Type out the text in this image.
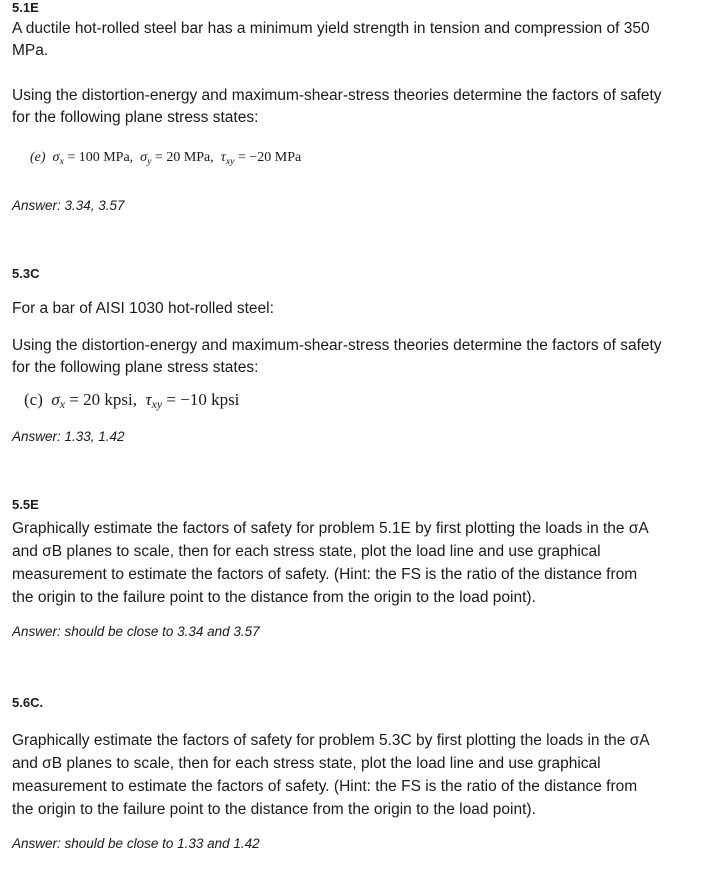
5.1E
A ductile hot-rolled steel bar has a minimum yield strength in tension and compression of 350
MPa.
Using the distortion-energy and maximum-shear-stress theories determine the factors of safety
for the following plane stress states:
(e) $\sigma_x = 100$ MPa, $\sigma_y = 20$ MPa, $\tau_{xy} = -20$ MPa
Answer: 3.34, 3.57
5.3C
For a bar of AISI 1030 hot-rolled steel:
Using the distortion-energy and maximum-shear-stress theories determine the factors of safety
for the following plane stress states:
(c) $\sigma_x = 20$ kpsi, $\tau_{xy} = -10$ kpsi
Answer: 1.33, 1.42
5.5E
Graphically estimate the factors of safety for problem 5.1E by first plotting the loads in the σA
and σB planes to scale, then for each stress state, plot the load line and use graphical
measurement to estimate the factors of safety. (Hint: the FS is the ratio of the distance from
the origin to the failure point to the distance from the origin to the load point).
Answer: should be close to 3.34 and 3.57
5.6C.
Graphically estimate the factors of safety for problem 5.3C by first plotting the loads in the σA
and σB planes to scale, then for each stress state, plot the load line and use graphical
measurement to estimate the factors of safety. (Hint: the FS is the ratio of the distance from
the origin to the failure point to the distance from the origin to the load point).
Answer: should be close to 1.33 and 1.42
